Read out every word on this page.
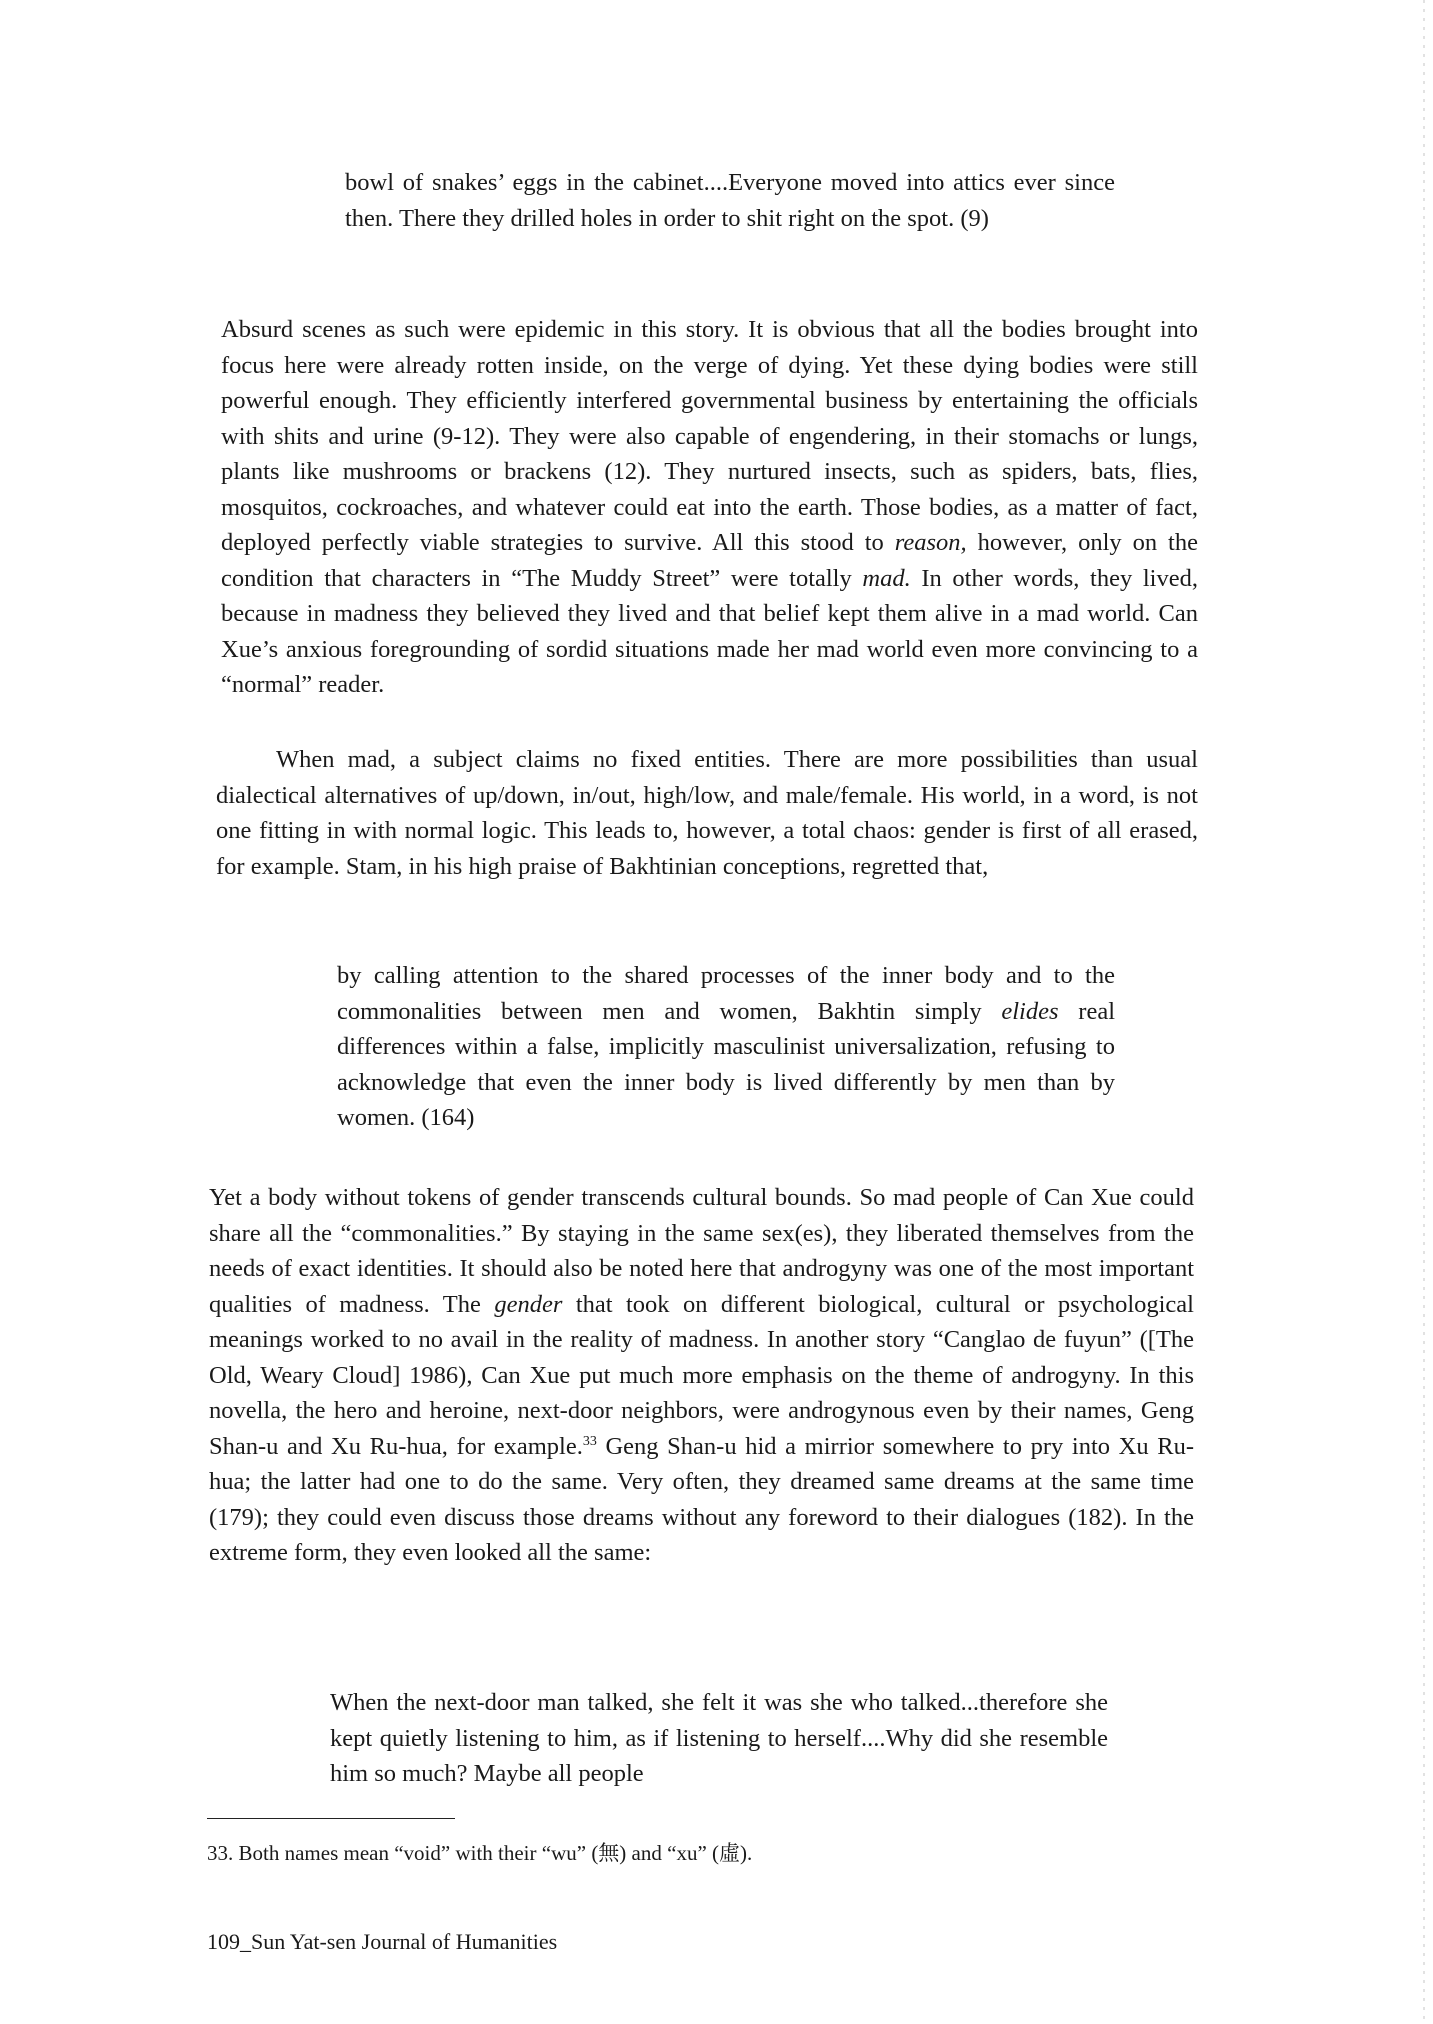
bowl of snakes’ eggs in the cabinet....Everyone moved into attics ever since then. There they drilled holes in order to shit right on the spot. (9)
Absurd scenes as such were epidemic in this story. It is obvious that all the bodies brought into focus here were already rotten inside, on the verge of dying. Yet these dying bodies were still powerful enough. They efficiently interfered governmental business by entertaining the officials with shits and urine (9-12). They were also capable of engendering, in their stomachs or lungs, plants like mushrooms or brackens (12). They nurtured insects, such as spiders, bats, flies, mosquitos, cockroaches, and whatever could eat into the earth. Those bodies, as a matter of fact, deployed perfectly viable strategies to survive. All this stood to reason, however, only on the condition that characters in “The Muddy Street” were totally mad. In other words, they lived, because in madness they believed they lived and that belief kept them alive in a mad world. Can Xue’s anxious foregrounding of sordid situations made her mad world even more convincing to a “normal” reader.
When mad, a subject claims no fixed entities. There are more possibilities than usual dialectical alternatives of up/down, in/out, high/low, and male/female. His world, in a word, is not one fitting in with normal logic. This leads to, however, a total chaos: gender is first of all erased, for example. Stam, in his high praise of Bakhtinian conceptions, regretted that,
by calling attention to the shared processes of the inner body and to the commonalities between men and women, Bakhtin simply elides real differences within a false, implicitly masculinist universalization, refusing to acknowledge that even the inner body is lived differently by men than by women. (164)
Yet a body without tokens of gender transcends cultural bounds. So mad people of Can Xue could share all the “commonalities.” By staying in the same sex(es), they liberated themselves from the needs of exact identities. It should also be noted here that androgyny was one of the most important qualities of madness. The gender that took on different biological, cultural or psychological meanings worked to no avail in the reality of madness. In another story “Canglao de fuyun” ([The Old, Weary Cloud] 1986), Can Xue put much more emphasis on the theme of androgyny. In this novella, the hero and heroine, next-door neighbors, were androgynous even by their names, Geng Shan-u and Xu Ru-hua, for example.$^{33}$ Geng Shan-u hid a mirrior somewhere to pry into Xu Ru-hua; the latter had one to do the same. Very often, they dreamed same dreams at the same time (179); they could even discuss those dreams without any foreword to their dialogues (182). In the extreme form, they even looked all the same:
When the next-door man talked, she felt it was she who talked...therefore she kept quietly listening to him, as if listening to herself....Why did she resemble him so much? Maybe all people
33. Both names mean “void” with their “wu” (無) and “xu” (虛).
109_Sun Yat-sen Journal of Humanities
